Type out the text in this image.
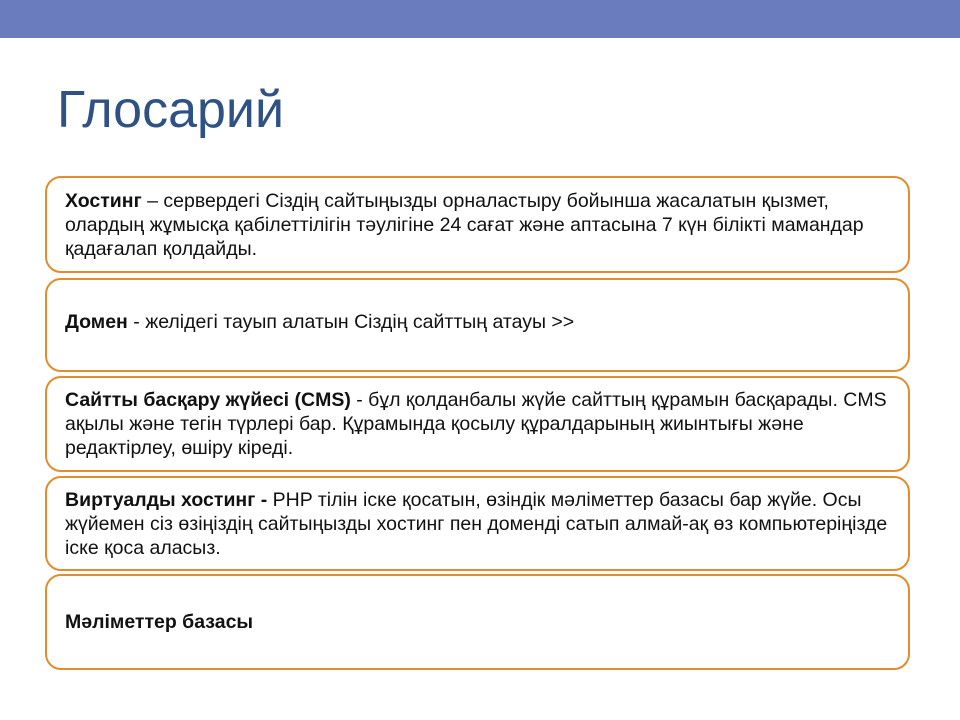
Глосарий
Хостинг – сервердегі Сіздің сайтыңызды орналастыру бойынша жасалатын қызмет, олардың жұмысқа қабілеттілігін тәулігіне 24 сағат және аптасына 7 күн білікті мамандар қадағалап қолдайды.
Домен - желідегі тауып алатын Сіздің сайттың атауы >>
Сайтты басқару жүйесі (CMS) - бұл қолданбалы жүйе сайттың құрамын басқарады. CMS ақылы және тегін түрлері бар. Құрамында қосылу құралдарының жиынтығы және редактірлеу, өшіру кіреді.
Виртуалды хостинг - PHP тілін іске қосатын, өзіндік мәліметтер базасы бар жүйе. Осы жүйемен сіз өзіңіздің сайтыңызды хостинг пен доменді сатып алмай-ақ өз компьютеріңізде іске қоса аласыз.
Мәліметтер базасы
